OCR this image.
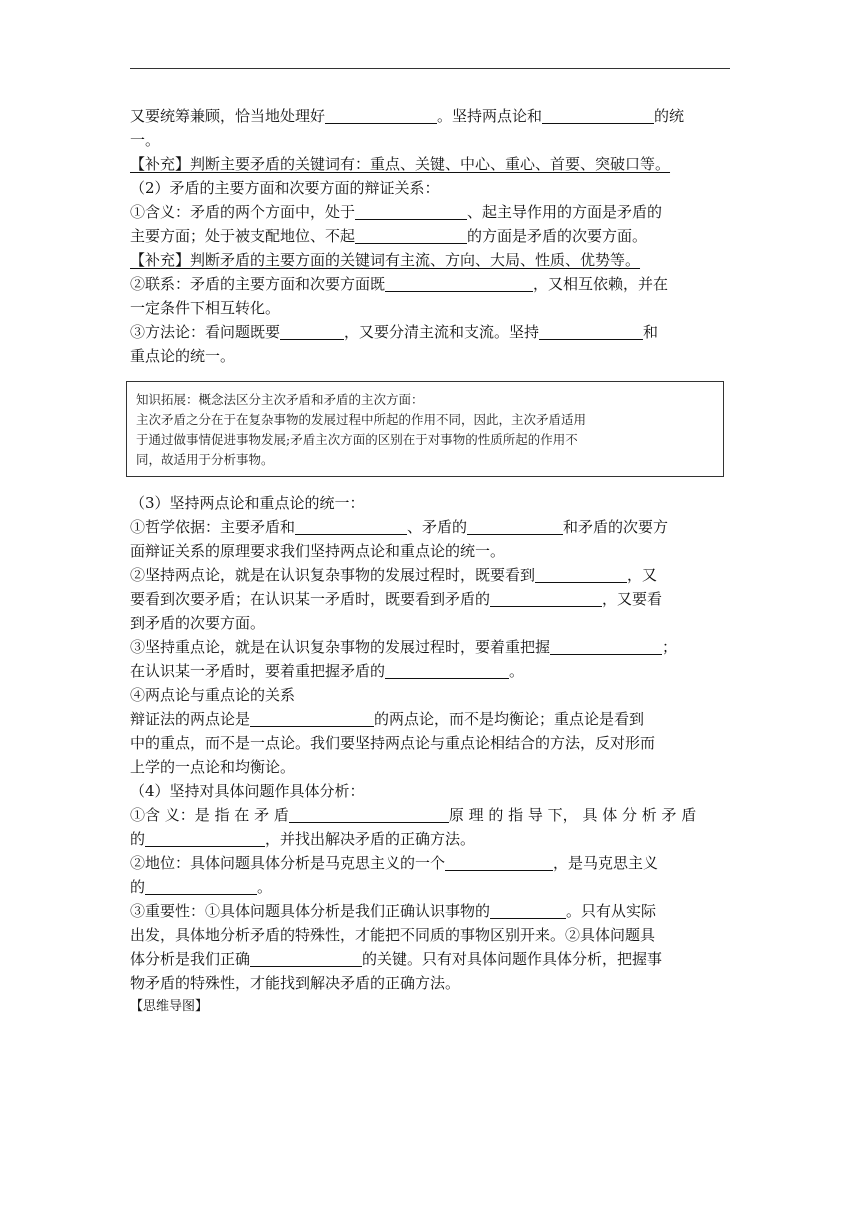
又要统筹兼顾，恰当地处理好	。坚持两点论和	的统
一。
【补充】判断主要矛盾的关键词有：重点、关键、中心、重心、首要、突破口等。
（2）矛盾的主要方面和次要方面的辩证关系：
①含义：矛盾的两个方面中，处于	、起主导作用的方面是矛盾的
主要方面；处于被支配地位、不起	的方面是矛盾的次要方面。
【补充】判断矛盾的主要方面的关键词有主流、方向、大局、性质、优势等。
②联系：矛盾的主要方面和次要方面既	，又相互依赖，并在
一定条件下相互转化。
③方法论：看问题既要	，又要分清主流和支流。坚持	和
重点论的统一。
知识拓展：概念法区分主次矛盾和矛盾的主次方面：
主次矛盾之分在于在复杂事物的发展过程中所起的作用不同，因此，主次矛盾适用
于通过做事情促进事物发展;矛盾主次方面的区别在于对事物的性质所起的作用不
同，故适用于分析事物。
（3）坚持两点论和重点论的统一：
①哲学依据：主要矛盾和	、矛盾的	和矛盾的次要方
面辩证关系的原理要求我们坚持两点论和重点论的统一。
②坚持两点论，就是在认识复杂事物的发展过程时，既要看到	，又
要看到次要矛盾；在认识某一矛盾时，既要看到矛盾的	，又要看
到矛盾的次要方面。
③坚持重点论，就是在认识复杂事物的发展过程时，要着重把握	；
在认识某一矛盾时，要着重把握矛盾的	。
④两点论与重点论的关系
辩证法的两点论是	的两点论，而不是均衡论；重点论是看到
中的重点，而不是一点论。我们要坚持两点论与重点论相结合的方法，反对形而
上学的一点论和均衡论。
（4）坚持对具体问题作具体分析：
①含 义：是 指 在 矛 盾	原 理 的 指 导 下， 具 体 分 析 矛 盾
的	，并找出解决矛盾的正确方法。
②地位：具体问题具体分析是马克思主义的一个	，是马克思主义
的	。
③重要性：①具体问题具体分析是我们正确认识事物的	。只有从实际
出发，具体地分析矛盾的特殊性，才能把不同质的事物区别开来。②具体问题具
体分析是我们正确	的关键。只有对具体问题作具体分析，把握事
物矛盾的特殊性，才能找到解决矛盾的正确方法。
【思维导图】
